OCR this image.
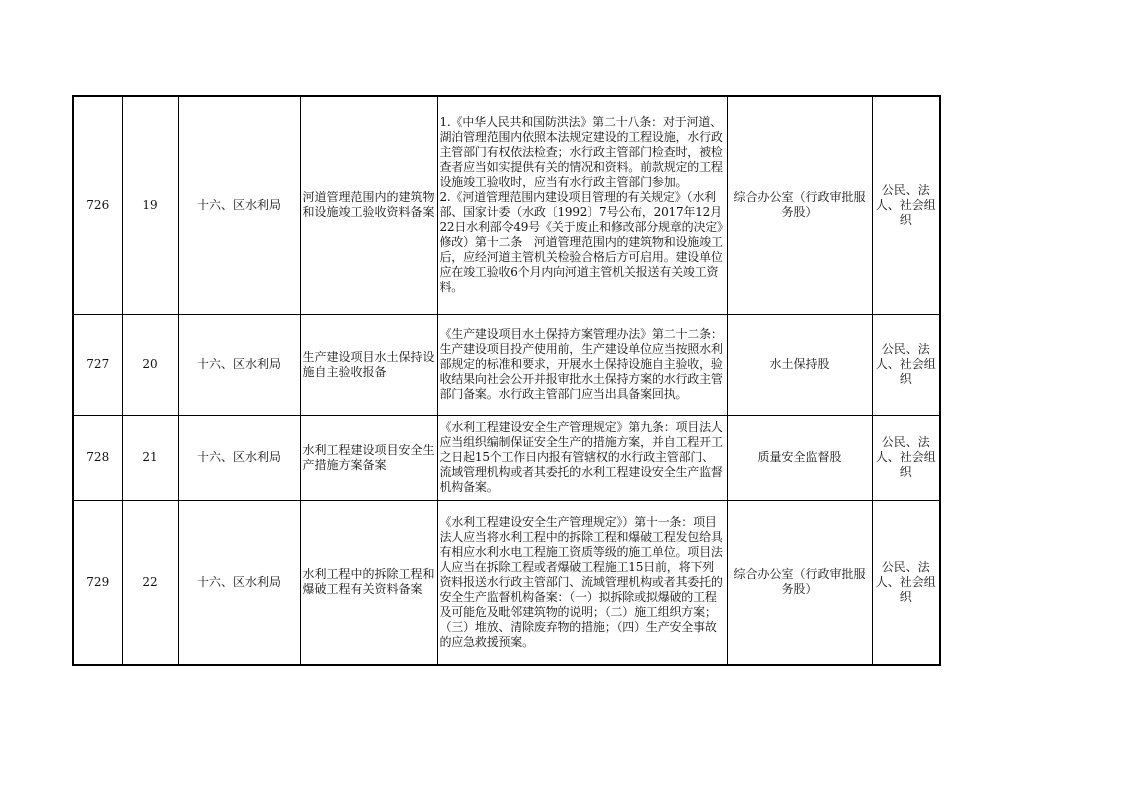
726	19	十六、区水利局	河道管理范围内的建筑物和设施竣工验收资料备案	1.《中华人民共和国防洪法》第二十八条：对于河道、湖泊管理范围内依照本法规定建设的工程设施，水行政主管部门有权依法检查；水行政主管部门检查时，被检查者应当如实提供有关的情况和资料。前款规定的工程设施竣工验收时，应当有水行政主管部门参加。
2.《河道管理范围内建设项目管理的有关规定》（水利部、国家计委（水政〔1992〕7号公布，2017年12月22日水利部令49号《关于废止和修改部分规章的决定》修改）第十二条　河道管理范围内的建筑物和设施竣工后，应经河道主管机关检验合格后方可启用。建设单位应在竣工验收6个月内向河道主管机关报送有关竣工资料。	综合办公室（行政审批服务股）	公民、法人、社会组织
727	20	十六、区水利局	生产建设项目水土保持设施自主验收报备	《生产建设项目水土保持方案管理办法》第二十二条：生产建设项目投产使用前，生产建设单位应当按照水利部规定的标准和要求，开展水土保持设施自主验收，验收结果向社会公开并报审批水土保持方案的水行政主管部门备案。水行政主管部门应当出具备案回执。	水土保持股	公民、法人、社会组织
728	21	十六、区水利局	水利工程建设项目安全生产措施方案备案	《水利工程建设安全生产管理规定》第九条：项目法人应当组织编制保证安全生产的措施方案，并自工程开工之日起15个工作日内报有管辖权的水行政主管部门、流域管理机构或者其委托的水利工程建设安全生产监督机构备案。	质量安全监督股	公民、法人、社会组织
729	22	十六、区水利局	水利工程中的拆除工程和爆破工程有关资料备案	《水利工程建设安全生产管理规定》）第十一条：项目法人应当将水利工程中的拆除工程和爆破工程发包给具有相应水利水电工程施工资质等级的施工单位。项目法人应当在拆除工程或者爆破工程施工15日前，将下列资料报送水行政主管部门、流域管理机构或者其委托的安全生产监督机构备案：（一）拟拆除或拟爆破的工程及可能危及毗邻建筑物的说明；（二）施工组织方案；（三）堆放、清除废弃物的措施；（四）生产安全事故的应急救援预案。	综合办公室（行政审批服务股）	公民、法人、社会组织
